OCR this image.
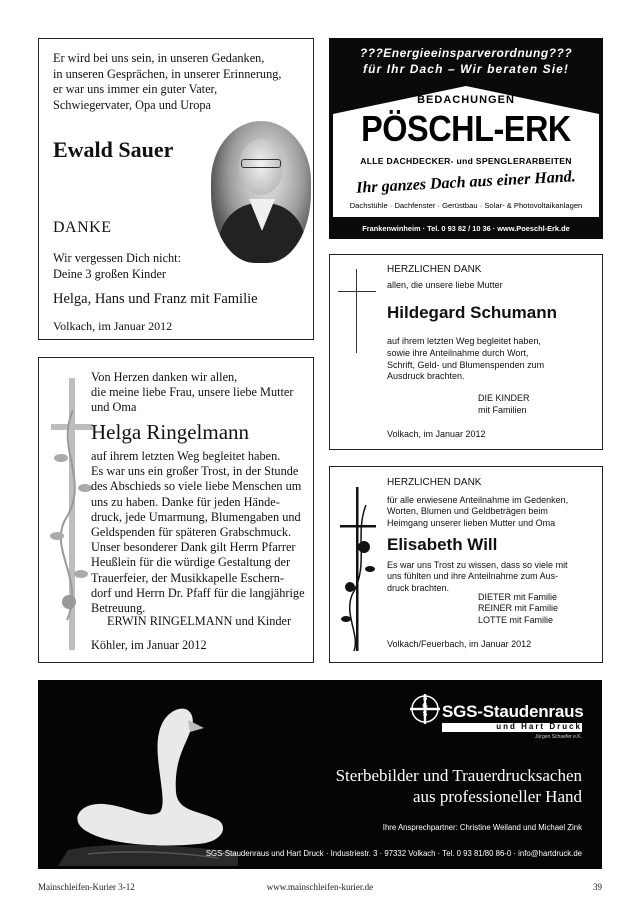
Er wird bei uns sein, in unseren Gedanken,
in unseren Gesprächen, in unserer Erinnerung,
er war uns immer ein guter Vater,
Schwiegervater, Opa und Uropa
Ewald Sauer
DANKE
Wir vergessen Dich nicht:
Deine 3 großen Kinder
Helga, Hans und Franz mit Familie
Volkach, im Januar 2012
???Energieeinsparverordnung???
für Ihr Dach – Wir beraten Sie!
BEDACHUNGEN
PÖSCHL-ERK
ALLE DACHDECKER- und SPENGLERARBEITEN
Ihr ganzes Dach aus einer Hand.
Dachstühle · Dachfenster · Gerüstbau · Solar- & Photovoltaikanlagen
Frankenwinheim · Tel. 0 93 82 / 10 36 · www.Poeschl-Erk.de
HERZLICHEN DANK
allen, die unsere liebe Mutter
Hildegard Schumann
auf ihrem letzten Weg begleitet haben,
sowie ihre Anteilnahme durch Wort,
Schrift, Geld- und Blumenspenden zum
Ausdruck brachten.
DIE KINDER
mit Familien
Volkach, im Januar 2012
Von Herzen danken wir allen,
die meine liebe Frau, unsere liebe Mutter
und Oma
Helga Ringelmann
auf ihrem letzten Weg begleitet haben.
Es war uns ein großer Trost, in der Stunde
des Abschieds so viele liebe Menschen um
uns zu haben. Danke für jeden Hände-
druck, jede Umarmung, Blumengaben und
Geldspenden für späteren Grabschmuck.
Unser besonderer Dank gilt Herrn Pfarrer
Heußlein für die würdige Gestaltung der
Trauerfeier, der Musikkapelle Eschern-
dorf und Herrn Dr. Pfaff für die langjährige
Betreuung.
ERWIN RINGELMANN und Kinder
Köhler, im Januar 2012
HERZLICHEN DANK
für alle erwiesene Anteilnahme im Gedenken,
Worten, Blumen und Geldbeträgen beim
Heimgang unserer lieben Mutter und Oma
Elisabeth Will
Es war uns Trost zu wissen, dass so viele mit
uns fühlten und ihre Anteilnahme zum Aus-
druck brachten.
DIETER mit Familie
REINER mit Familie
LOTTE mit Familie
Volkach/Feuerbach, im Januar 2012
S
G
S SGS-Staudenraus
und Hart Druck
Jürgen Schaefer e.K.
Sterbebilder und Trauerdrucksachen
aus professioneller Hand
Ihre Ansprechpartner: Christine Weiland und Michael Zink
SGS-Staudenraus und Hart Druck · Industriestr. 3 · 97332 Volkach · Tel. 0 93 81/80 86-0 · info@hartdruck.de
Mainschleifen-Kurier 3-12	www.mainschleifen-kurier.de	39
